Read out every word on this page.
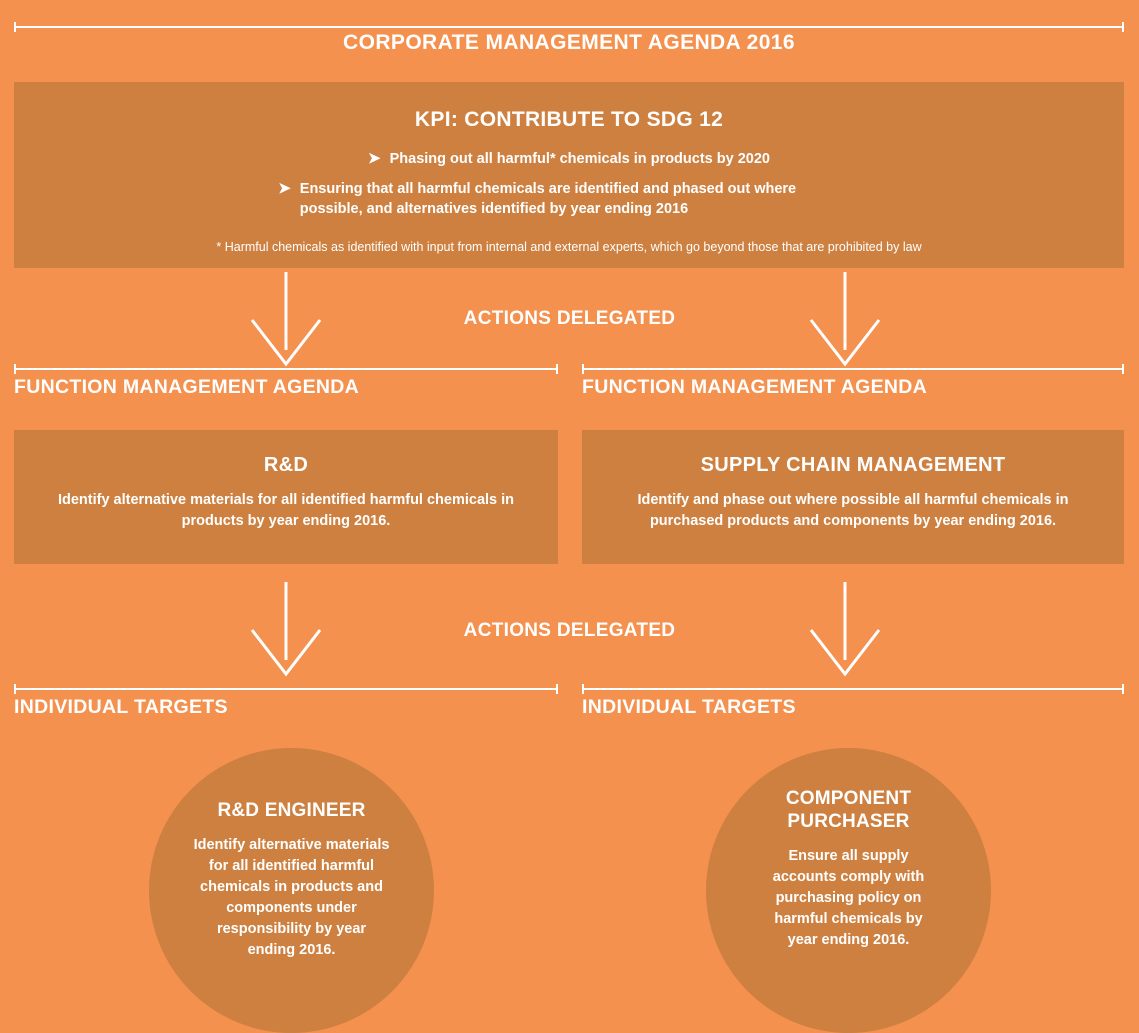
CORPORATE MANAGEMENT AGENDA 2016
KPI: CONTRIBUTE TO SDG 12
➤ Phasing out all harmful* chemicals in products by 2020
➤ Ensuring that all harmful chemicals are identified and phased out where possible, and alternatives identified by year ending 2016
* Harmful chemicals as identified with input from internal and external experts, which go beyond those that are prohibited by law
ACTIONS DELEGATED
FUNCTION MANAGEMENT AGENDA	FUNCTION MANAGEMENT AGENDA
R&D
Identify alternative materials for all identified harmful chemicals in products by year ending 2016.
SUPPLY CHAIN MANAGEMENT
Identify and phase out where possible all harmful chemicals in purchased products and components by year ending 2016.
ACTIONS DELEGATED
INDIVIDUAL TARGETS	INDIVIDUAL TARGETS
R&D ENGINEER
Identify alternative materials for all identified harmful chemicals in products and components under responsibility by year ending 2016.
COMPONENT PURCHASER
Ensure all supply accounts comply with purchasing policy on harmful chemicals by year ending 2016.
